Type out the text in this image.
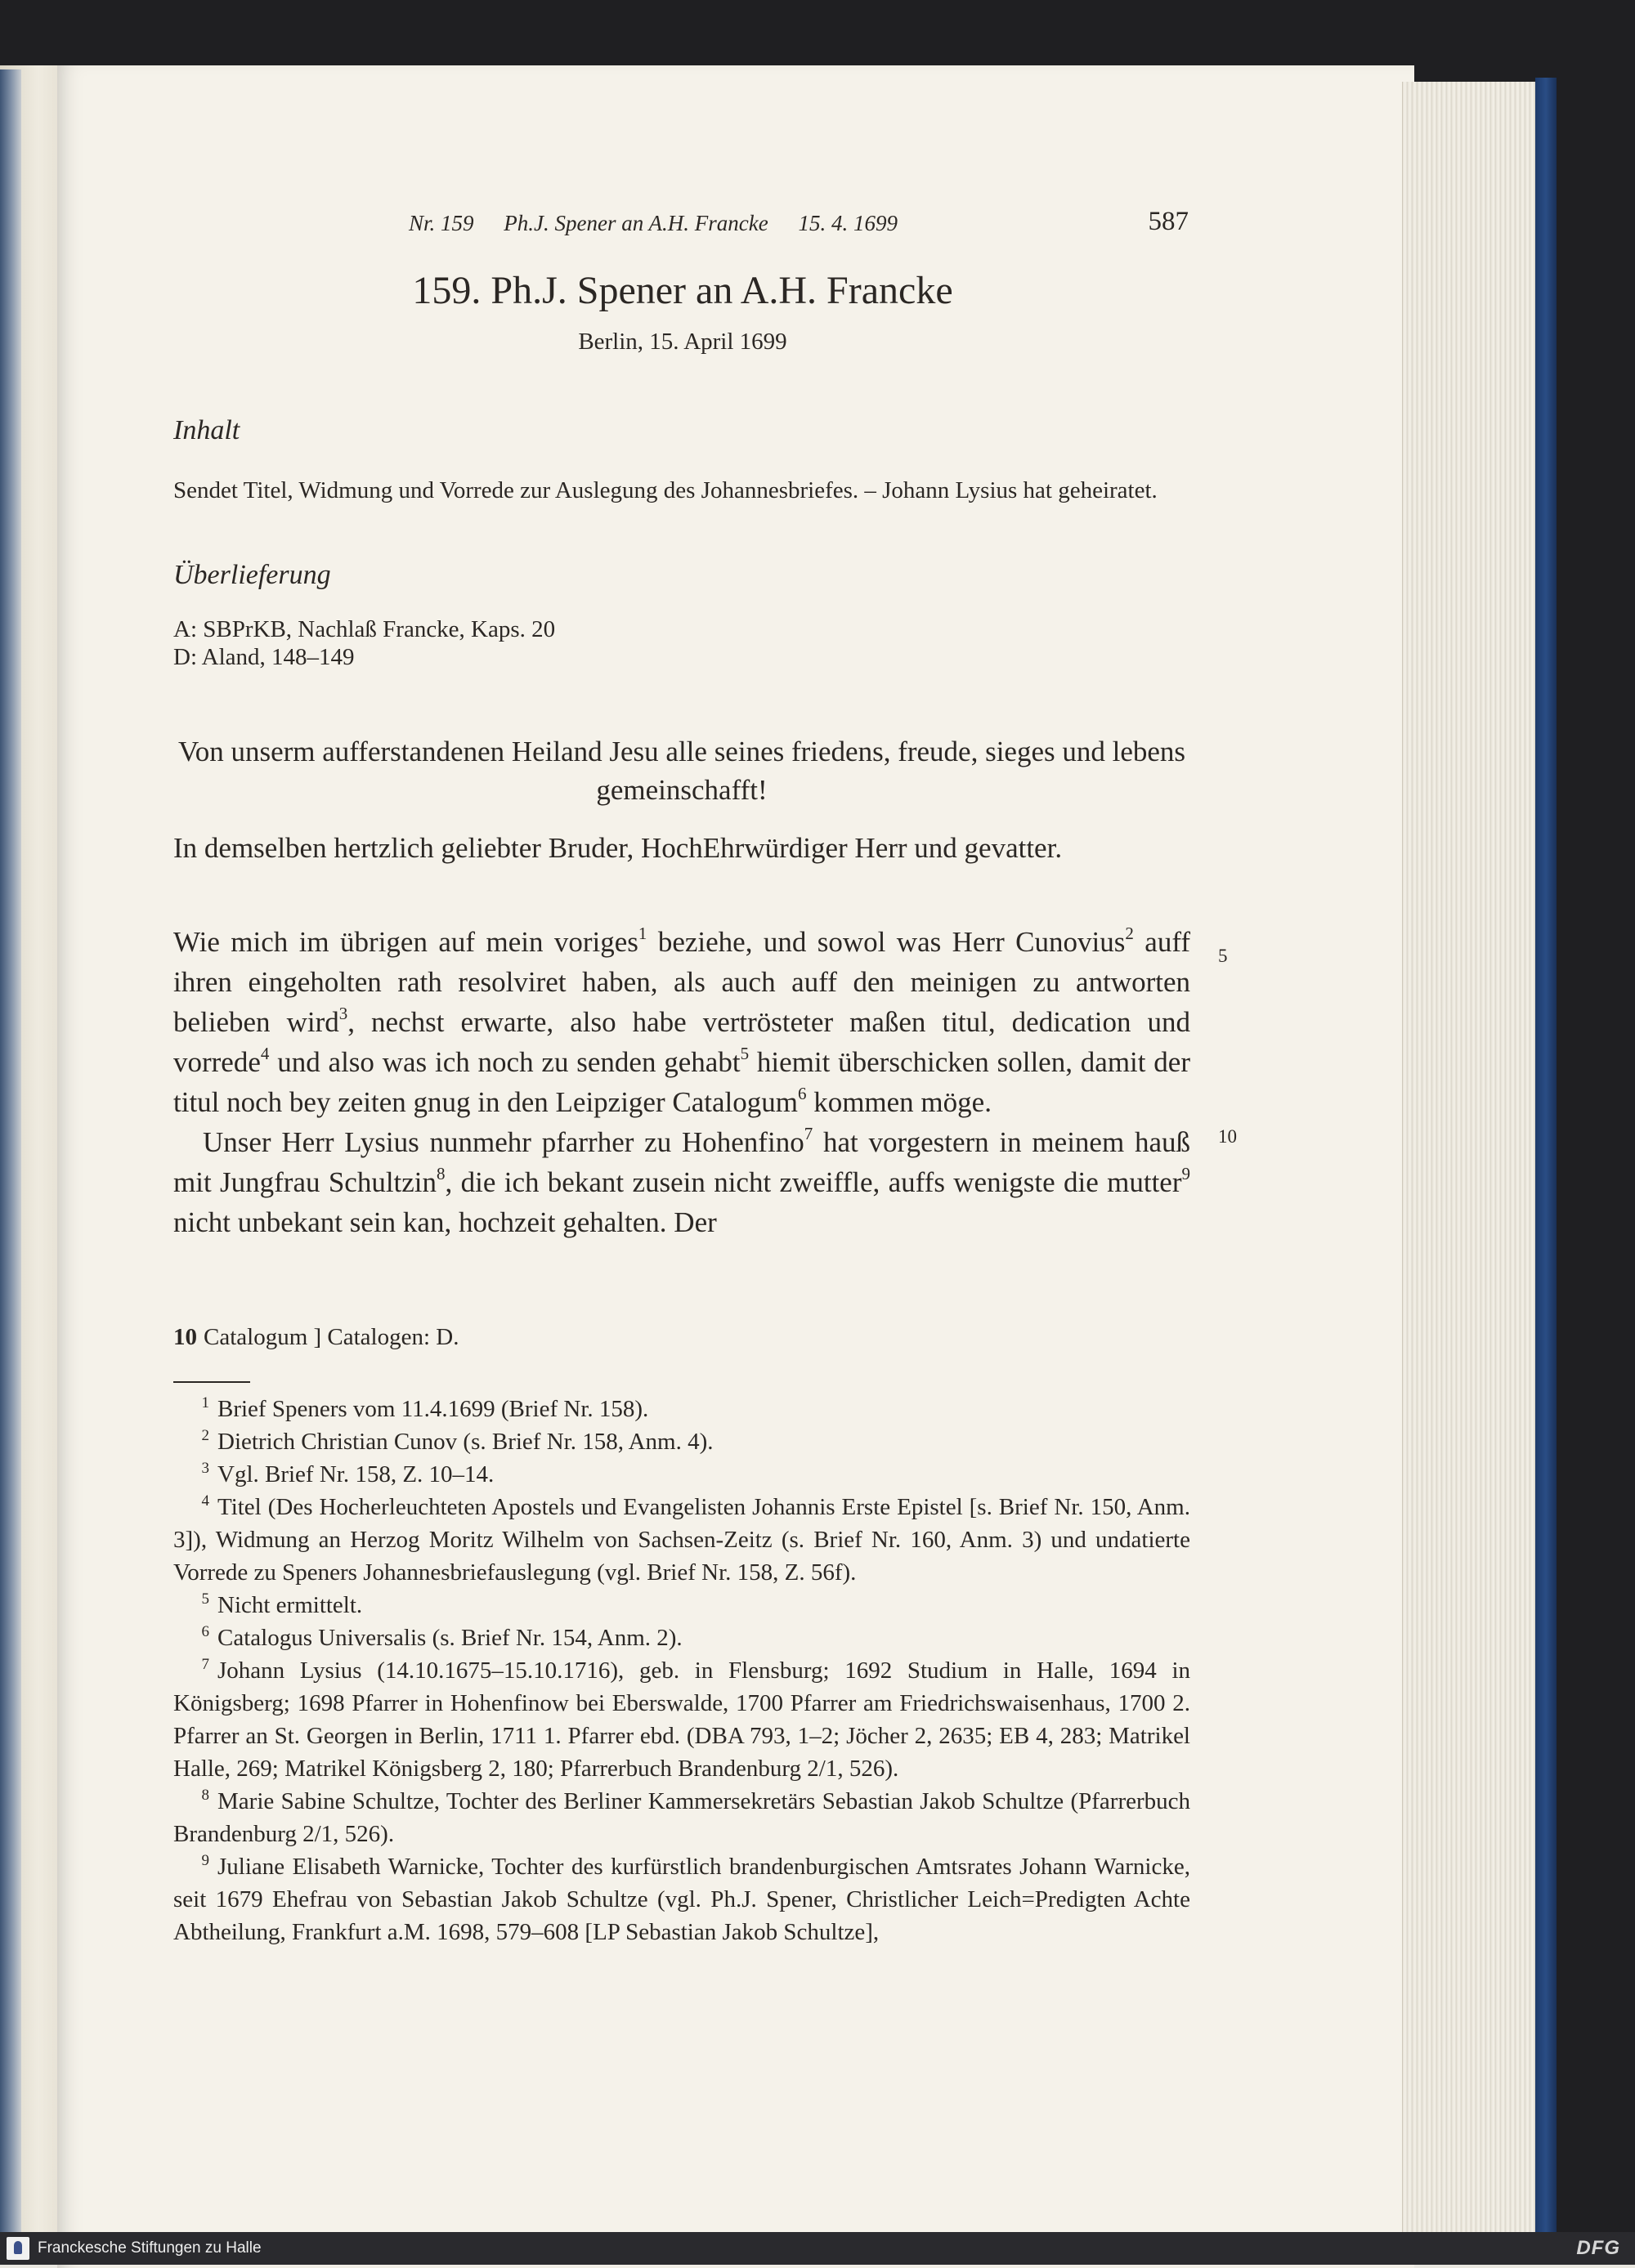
Nr. 159 Ph.J. Spener an A.H. Francke 15. 4. 1699	587
159. Ph.J. Spener an A.H. Francke
Berlin, 15. April 1699
Inhalt
Sendet Titel, Widmung und Vorrede zur Auslegung des Johannesbriefes. – Johann Lysius hat geheiratet.
Überlieferung
A: SBPrKB, Nachlaß Francke, Kaps. 20
D: Aland, 148–149
Von unserm aufferstandenen Heiland Jesu alle seines friedens, freude, sieges und lebens gemeinschafft!
In demselben hertzlich geliebter Bruder, HochEhrwürdiger Herr und gevatter.

Wie mich im übrigen auf mein voriges$^1$ beziehe, und sowol was Herr Cunovius$^2$ auff ihren eingeholten rath resolviret haben, als auch auff den meinigen zu antworten belieben wird$^3$, nechst erwarte, also habe vertrösteter maßen titul, dedication und vorrede$^4$ und also was ich noch zu senden gehabt$^5$ hiemit überschicken sollen, damit der titul noch bey zeiten gnug in den Leipziger Catalogum$^6$ kommen möge.

Unser Herr Lysius nunmehr pfarrher zu Hohenfino$^7$ hat vorgestern in meinem hauß mit Jungfrau Schultzin$^8$, die ich bekant zusein nicht zweiffle, auffs wenigste die mutter$^9$ nicht unbekant sein kan, hochzeit gehalten. Der

5
10
10 Catalogum ] Catalogen: D.
1 Brief Speners vom 11.4.1699 (Brief Nr. 158).
2 Dietrich Christian Cunov (s. Brief Nr. 158, Anm. 4).
3 Vgl. Brief Nr. 158, Z. 10–14.
4 Titel (Des Hocherleuchteten Apostels und Evangelisten Johannis Erste Epistel [s. Brief Nr. 150, Anm. 3]), Widmung an Herzog Moritz Wilhelm von Sachsen-Zeitz (s. Brief Nr. 160, Anm. 3) und undatierte Vorrede zu Speners Johannesbriefauslegung (vgl. Brief Nr. 158, Z. 56f).
5 Nicht ermittelt.
6 Catalogus Universalis (s. Brief Nr. 154, Anm. 2).
7 Johann Lysius (14.10.1675–15.10.1716), geb. in Flensburg; 1692 Studium in Halle, 1694 in Königsberg; 1698 Pfarrer in Hohenfinow bei Eberswalde, 1700 Pfarrer am Friedrichswaisenhaus, 1700 2. Pfarrer an St. Georgen in Berlin, 1711 1. Pfarrer ebd. (DBA 793, 1–2; Jöcher 2, 2635; EB 4, 283; Matrikel Halle, 269; Matrikel Königsberg 2, 180; Pfarrerbuch Brandenburg 2/1, 526).
8 Marie Sabine Schultze, Tochter des Berliner Kammersekretärs Sebastian Jakob Schultze (Pfarrerbuch Brandenburg 2/1, 526).
9 Juliane Elisabeth Warnicke, Tochter des kurfürstlich brandenburgischen Amtsrates Johann Warnicke, seit 1679 Ehefrau von Sebastian Jakob Schultze (vgl. Ph.J. Spener, Christlicher Leich=Predigten Achte Abtheilung, Frankfurt a.M. 1698, 579–608 [LP Sebastian Jakob Schultze],
Franckesche Stiftungen zu Halle	DFG
